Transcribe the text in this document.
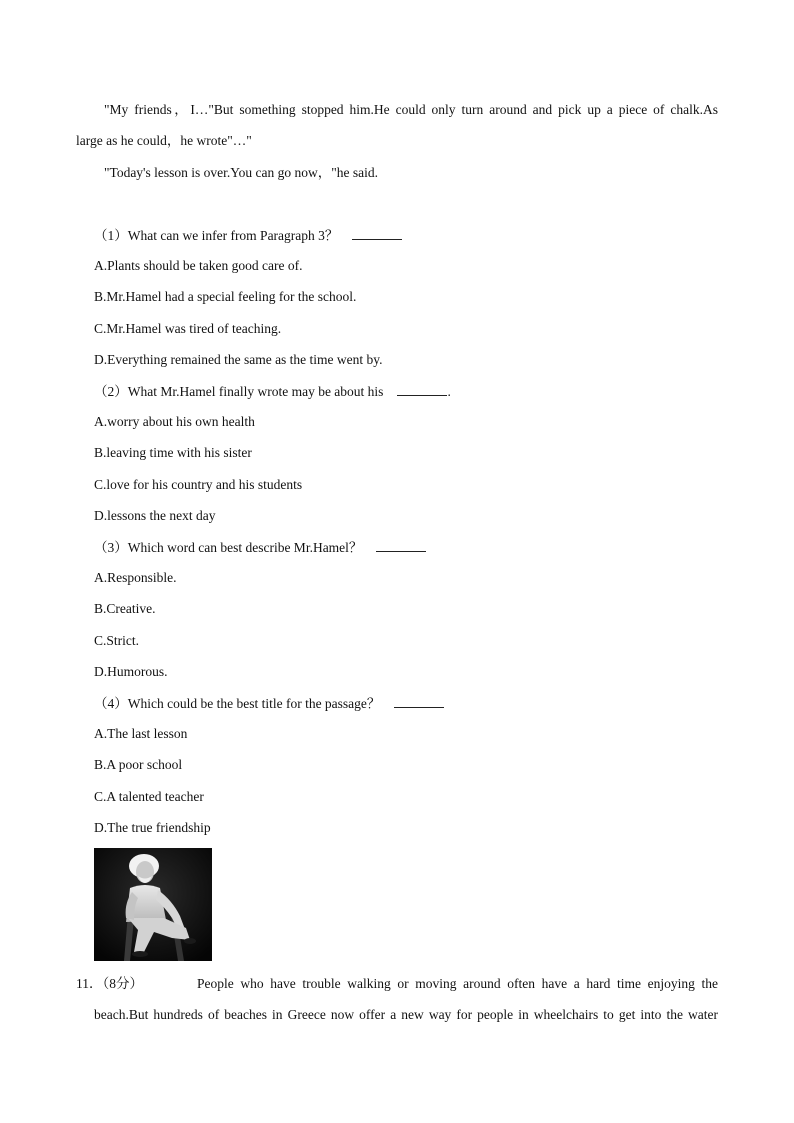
"My friends，I…"But something stopped him.He could only turn around and pick up a piece of chalk.As
large as he could，he wrote"…"
"Today's lesson is over.You can go now，"he said.
（1）What can we infer from Paragraph 3？
A.Plants should be taken good care of.
B.Mr.Hamel had a special feeling for the school.
C.Mr.Hamel was tired of teaching.
D.Everything remained the same as the time went by.
（2）What Mr.Hamel finally wrote may be about his	.
A.worry about his own health
B.leaving time with his sister
C.love for his country and his students
D.lessons the next day
（3）Which word can best describe Mr.Hamel？
A.Responsible.
B.Creative.
C.Strict.
D.Humorous.
（4）Which could be the best title for the passage？
A.The last lesson
B.A poor school
C.A talented teacher
D.The true friendship
11．（8分）	People who have trouble walking or moving around often have a hard time enjoying the
beach.But hundreds of beaches in Greece now offer a new way for people in wheelchairs to get into the water
